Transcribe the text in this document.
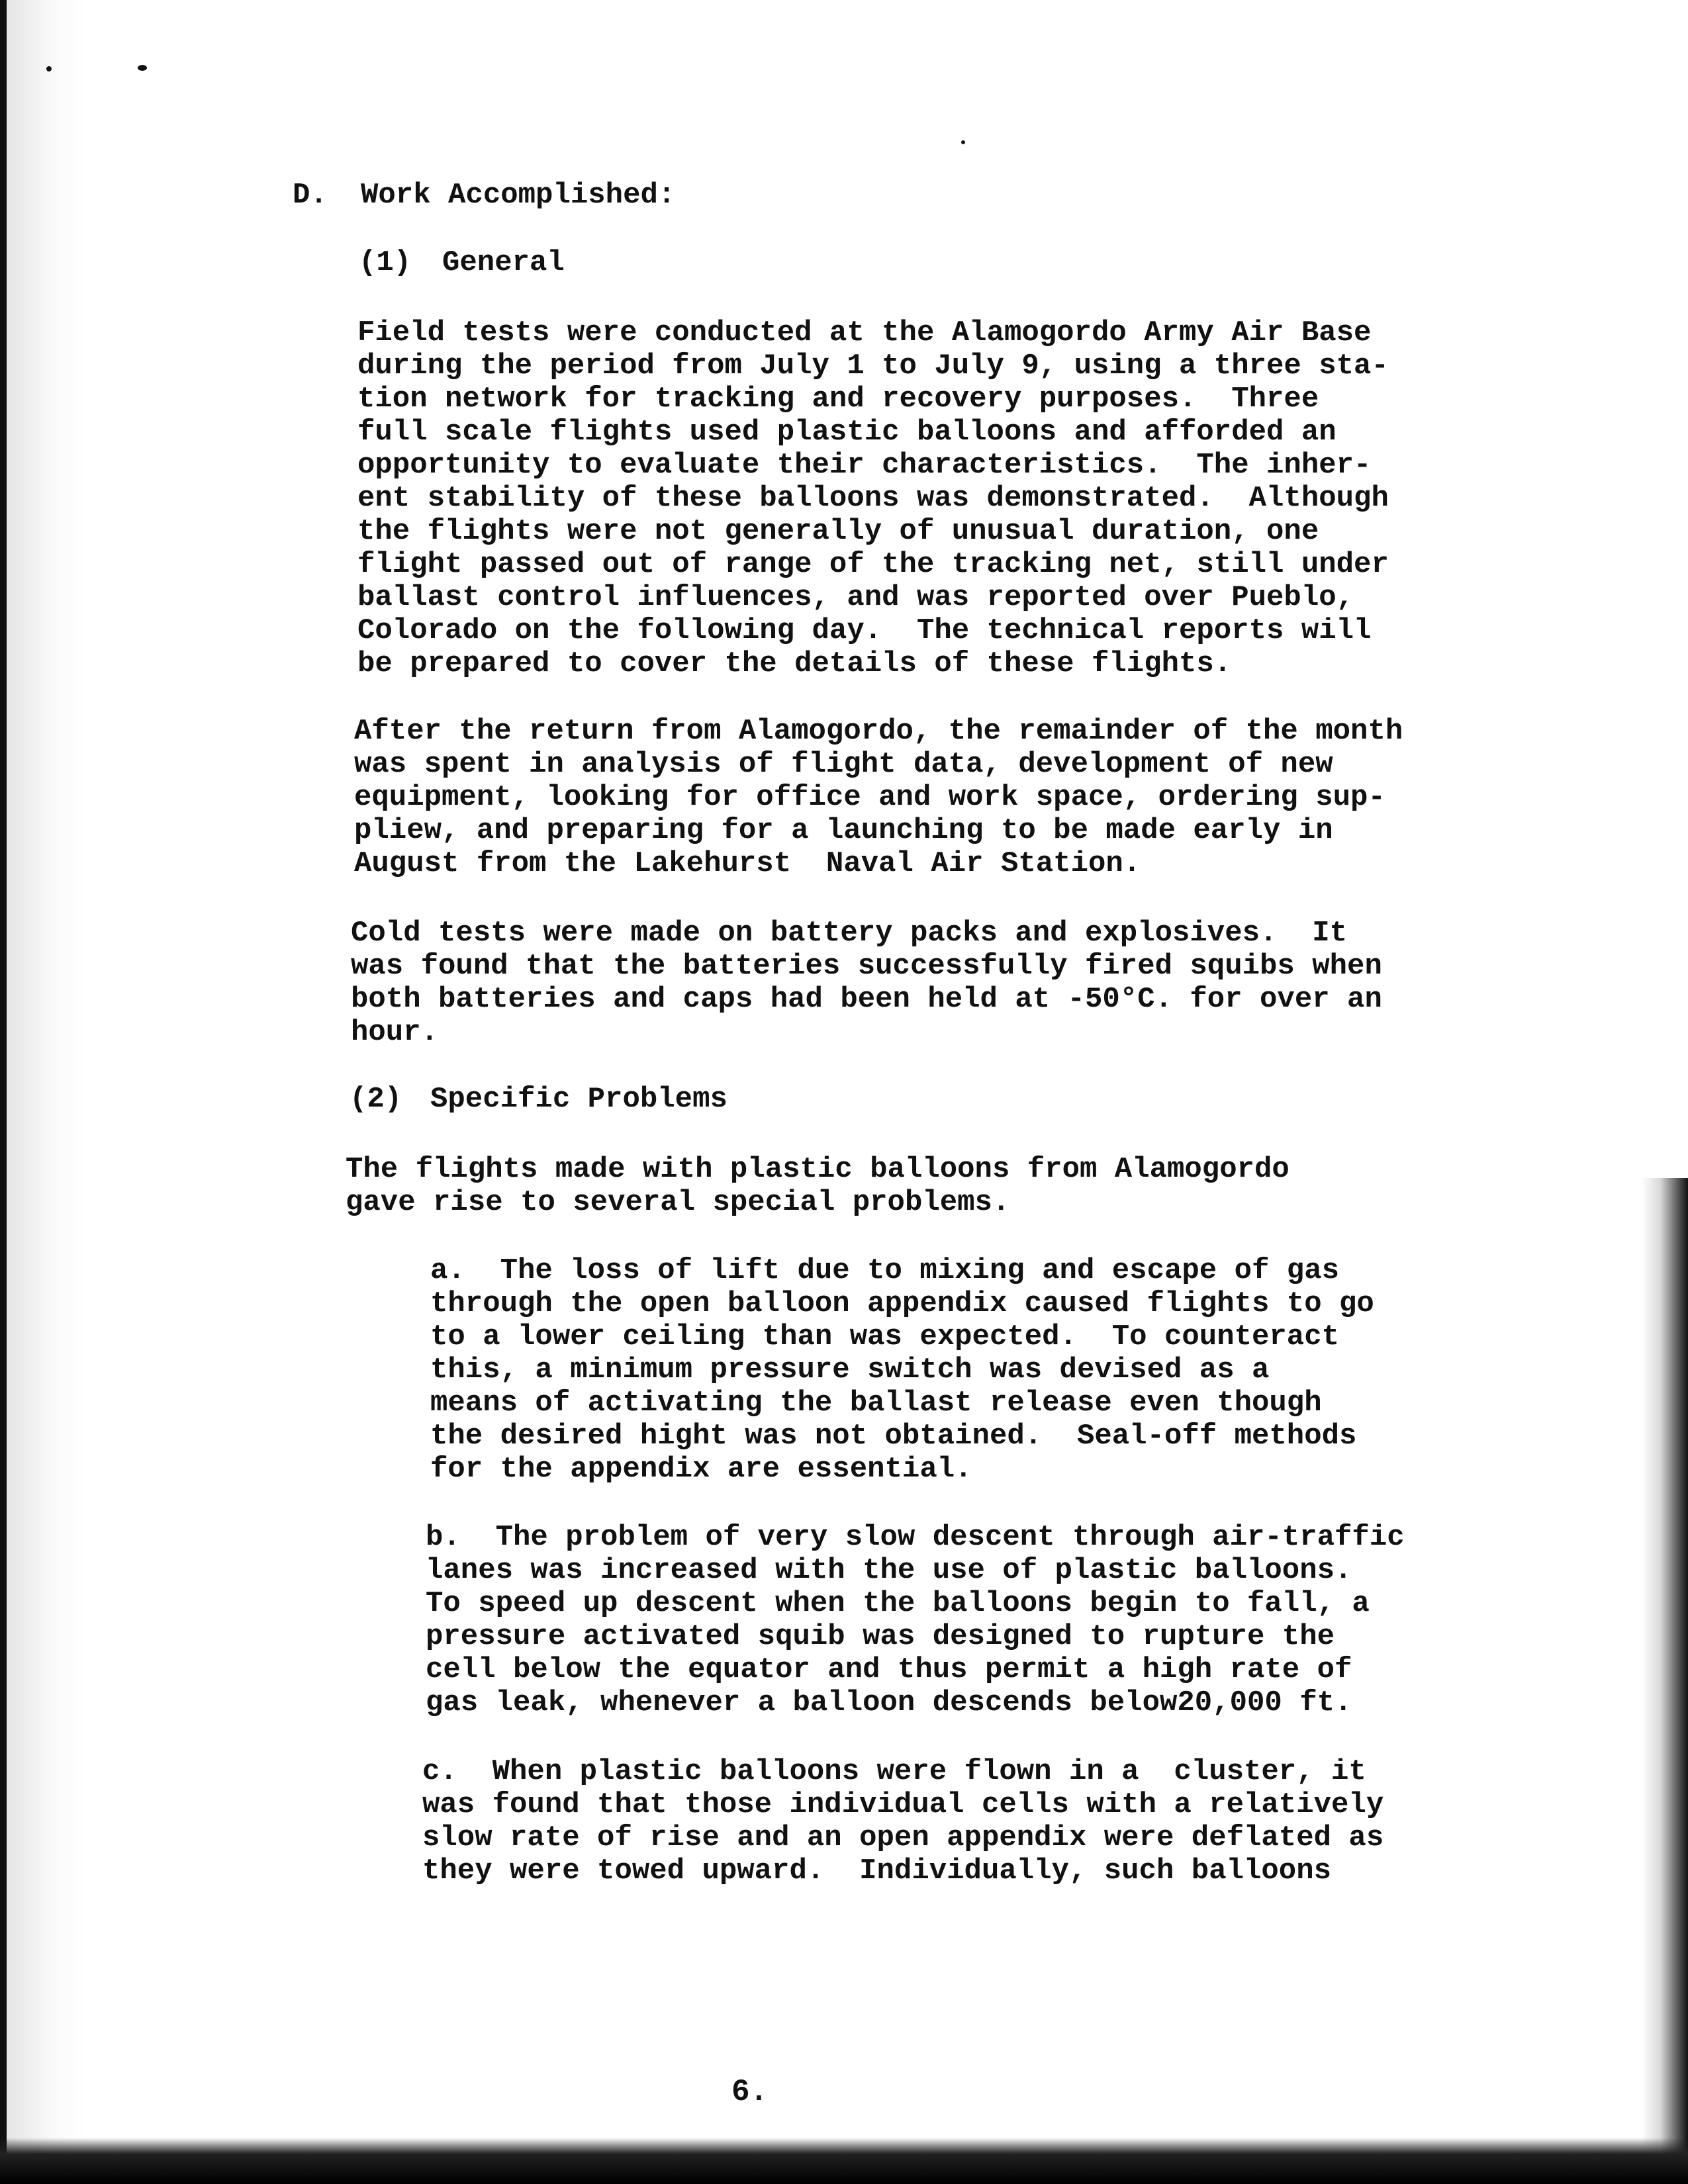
D. Work Accomplished:
(1) General
Field tests were conducted at the Alamogordo Army Air Base
during the period from July 1 to July 9, using a three sta-
tion network for tracking and recovery purposes.  Three
full scale flights used plastic balloons and afforded an
opportunity to evaluate their characteristics.  The inher-
ent stability of these balloons was demonstrated.  Although
the flights were not generally of unusual duration, one
flight passed out of range of the tracking net, still under
ballast control influences, and was reported over Pueblo,
Colorado on the following day.  The technical reports will
be prepared to cover the details of these flights.
After the return from Alamogordo, the remainder of the month
was spent in analysis of flight data, development of new
equipment, looking for office and work space, ordering sup-
pliew, and preparing for a launching to be made early in
August from the Lakehurst  Naval Air Station.
Cold tests were made on battery packs and explosives.  It
was found that the batteries successfully fired squibs when
both batteries and caps had been held at -50°C. for over an
hour.
(2) Specific Problems
The flights made with plastic balloons from Alamogordo
gave rise to several special problems.
a.  The loss of lift due to mixing and escape of gas
through the open balloon appendix caused flights to go
to a lower ceiling than was expected.  To counteract
this, a minimum pressure switch was devised as a
means of activating the ballast release even though
the desired hight was not obtained.  Seal-off methods
for the appendix are essential.
b.  The problem of very slow descent through air-traffic
lanes was increased with the use of plastic balloons.
To speed up descent when the balloons begin to fall, a
pressure activated squib was designed to rupture the
cell below the equator and thus permit a high rate of
gas leak, whenever a balloon descends below20,000 ft.
c.  When plastic balloons were flown in a  cluster, it
was found that those individual cells with a relatively
slow rate of rise and an open appendix were deflated as
they were towed upward.  Individually, such balloons
6.
